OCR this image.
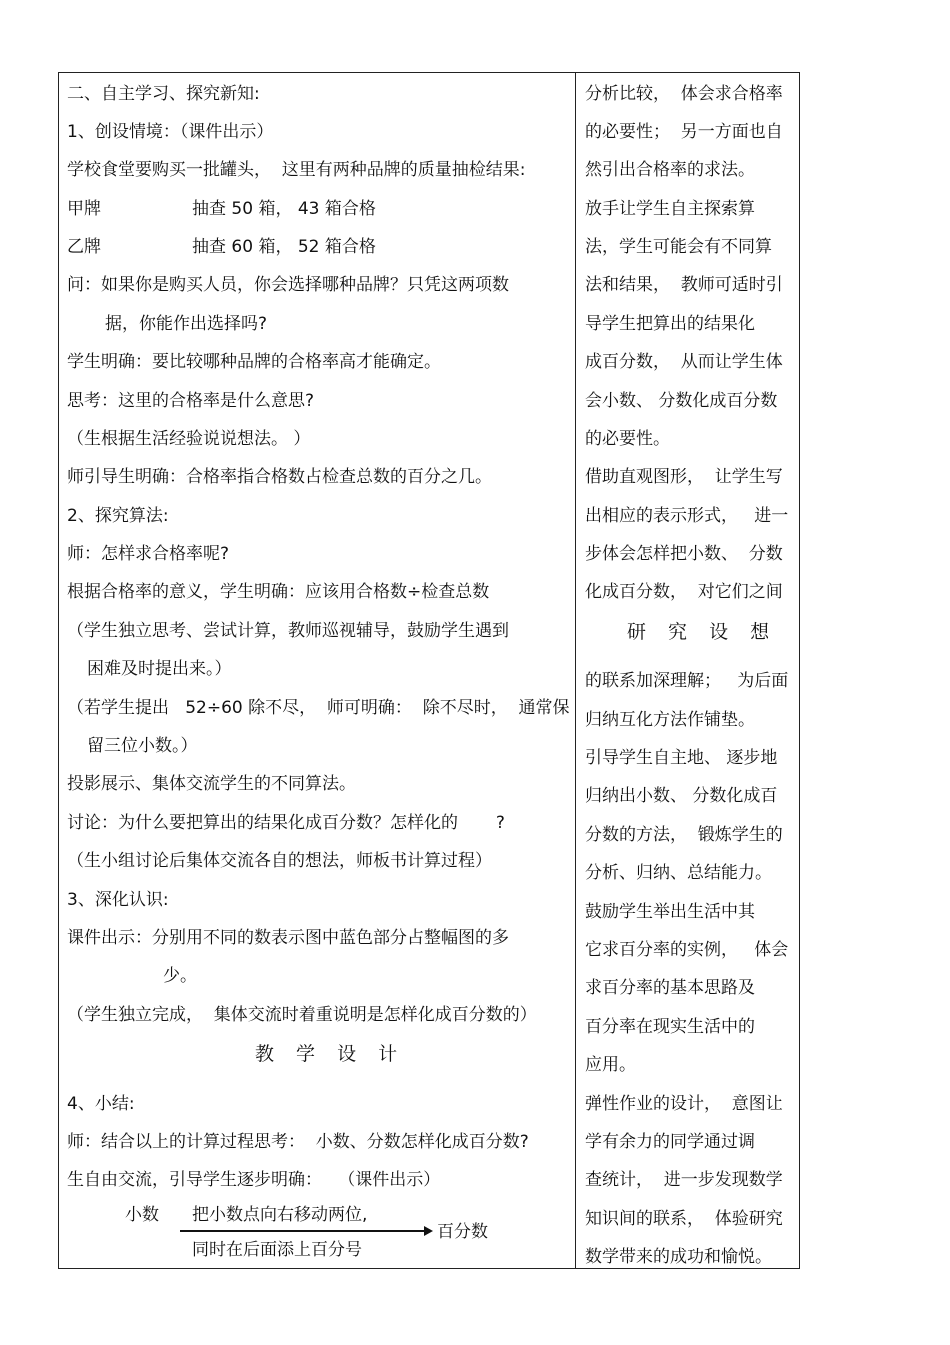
二、自主学习、探究新知:
1、创设情境：（课件出示）
学校食堂要购买一批罐头，  这里有两种品牌的质量抽检结果:
甲牌	抽查 50 箱， 43 箱合格
乙牌	抽查 60 箱， 52 箱合格
问：如果你是购买人员，你会选择哪种品牌？只凭这两项数
据，你能作出选择吗?
学生明确：要比较哪种品牌的合格率高才能确定。
思考：这里的合格率是什么意思?
（生根据生活经验说说想法。 ）
师引导生明确：合格率指合格数占检查总数的百分之几。
2、探究算法:
师：怎样求合格率呢?
根据合格率的意义，学生明确：应该用合格数÷检查总数
（学生独立思考、尝试计算，教师巡视辅导，鼓励学生遇到
困难及时提出来。）
（若学生提出   52÷60 除不尽，  师可明确：  除不尽时，  通常保
留三位小数。）
投影展示、集体交流学生的不同算法。
讨论：为什么要把算出的结果化成百分数？怎样化的       ?
（生小组讨论后集体交流各自的想法，师板书计算过程）
3、深化认识:
课件出示：分别用不同的数表示图中蓝色部分占整幅图的多
少。
（学生独立完成，  集体交流时着重说明是怎样化成百分数的）
教 学 设 计
4、小结:
师：结合以上的计算过程思考：  小数、分数怎样化成百分数?
生自由交流，引导学生逐步明确：   （课件出示）
小数 把小数点向右移动两位,
百分数
同时在后面添上百分号
分析比较，  体会求合格率
的必要性；  另一方面也自
然引出合格率的求法。
放手让学生自主探索算
法，学生可能会有不同算
法和结果，  教师可适时引
导学生把算出的结果化
成百分数，  从而让学生体
会小数、 分数化成百分数
的必要性。
借助直观图形，  让学生写
出相应的表示形式，   进一
步体会怎样把小数、  分数
化成百分数，  对它们之间
研 究 设 想
的联系加深理解；   为后面
归纳互化方法作铺垫。
引导学生自主地、 逐步地
归纳出小数、 分数化成百
分数的方法，  锻炼学生的
分析、归纳、总结能力。
鼓励学生举出生活中其
它求百分率的实例，   体会
求百分率的基本思路及
百分率在现实生活中的
应用。
弹性作业的设计，  意图让
学有余力的同学通过调
查统计，  进一步发现数学
知识间的联系，  体验研究
数学带来的成功和愉悦。
